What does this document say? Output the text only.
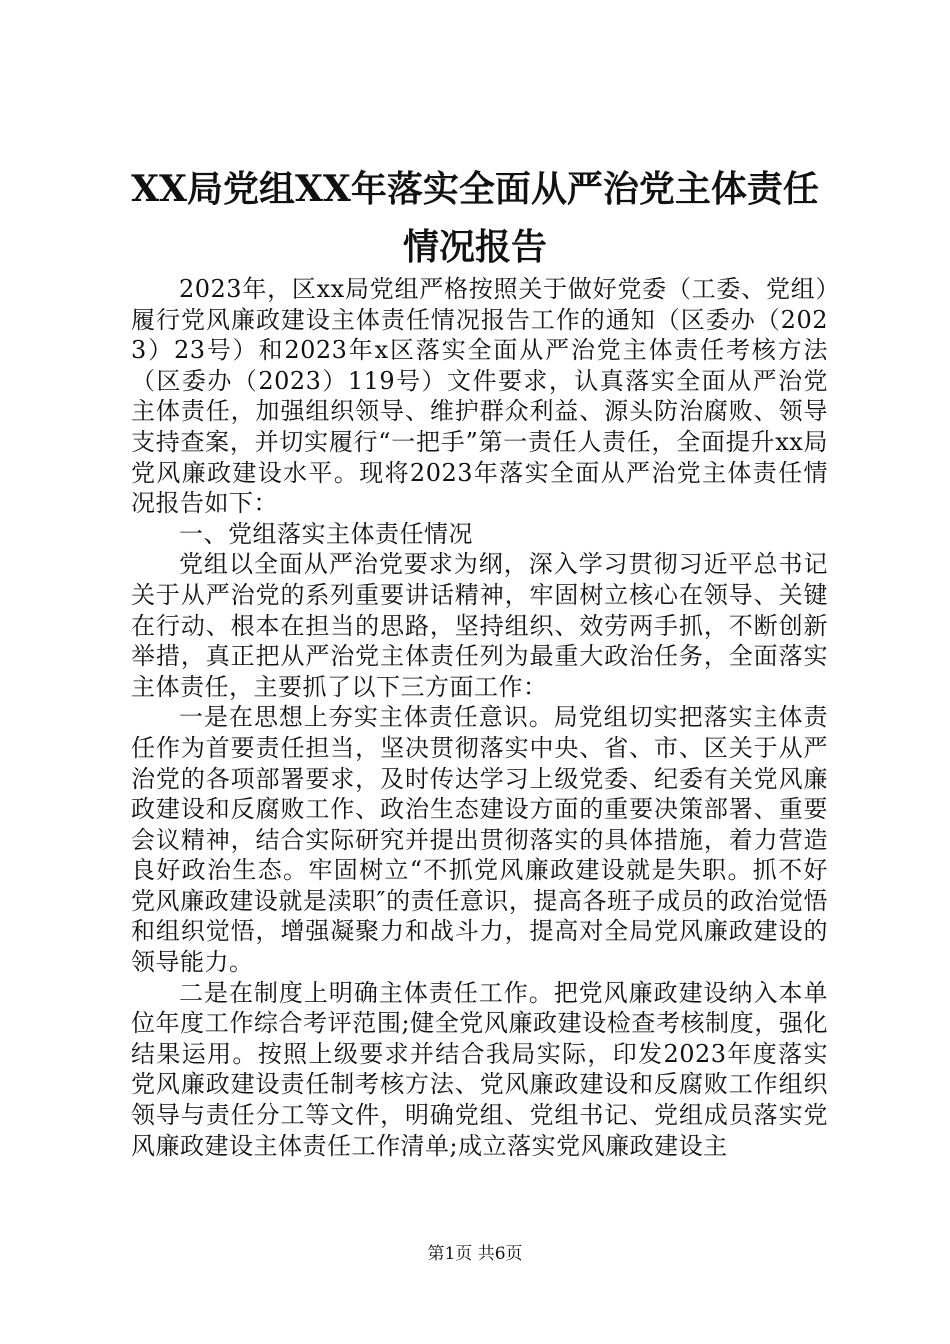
XX局党组XX年落实全面从严治党主体责任情况报告

2023年，区xx局党组严格按照关于做好党委（工委、党组）履行党风廉政建设主体责任情况报告工作的通知（区委办（2023）23号）和2023年x区落实全面从严治党主体责任考核方法（区委办（2023）119号）文件要求，认真落实全面从严治党主体责任，加强组织领导、维护群众利益、源头防治腐败、领导支持查案，并切实履行“一把手”第一责任人责任，全面提升xx局党风廉政建设水平。现将2023年落实全面从严治党主体责任情况报告如下：

一、党组落实主体责任情况

党组以全面从严治党要求为纲，深入学习贯彻习近平总书记关于从严治党的系列重要讲话精神，牢固树立核心在领导、关键在行动、根本在担当的思路，坚持组织、效劳两手抓，不断创新举措，真正把从严治党主体责任列为最重大政治任务，全面落实主体责任，主要抓了以下三方面工作：

一是在思想上夯实主体责任意识。局党组切实把落实主体责任作为首要责任担当，坚决贯彻落实中央、省、市、区关于从严治党的各项部署要求，及时传达学习上级党委、纪委有关党风廉政建设和反腐败工作、政治生态建设方面的重要决策部署、重要会议精神，结合实际研究并提出贯彻落实的具体措施，着力营造良好政治生态。牢固树立“不抓党风廉政建设就是失职。抓不好党风廉政建设就是渎职″的责任意识，提高各班子成员的政治觉悟和组织觉悟，增强凝聚力和战斗力，提高对全局党风廉政建设的领导能力。

二是在制度上明确主体责任工作。把党风廉政建设纳入本单位年度工作综合考评范围;健全党风廉政建设检查考核制度，强化结果运用。按照上级要求并结合我局实际，印发2023年度落实党风廉政建设责任制考核方法、党风廉政建设和反腐败工作组织领导与责任分工等文件，明确党组、党组书记、党组成员落实党风廉政建设主体责任工作清单;成立落实党风廉政建设主

第1页 共6页
